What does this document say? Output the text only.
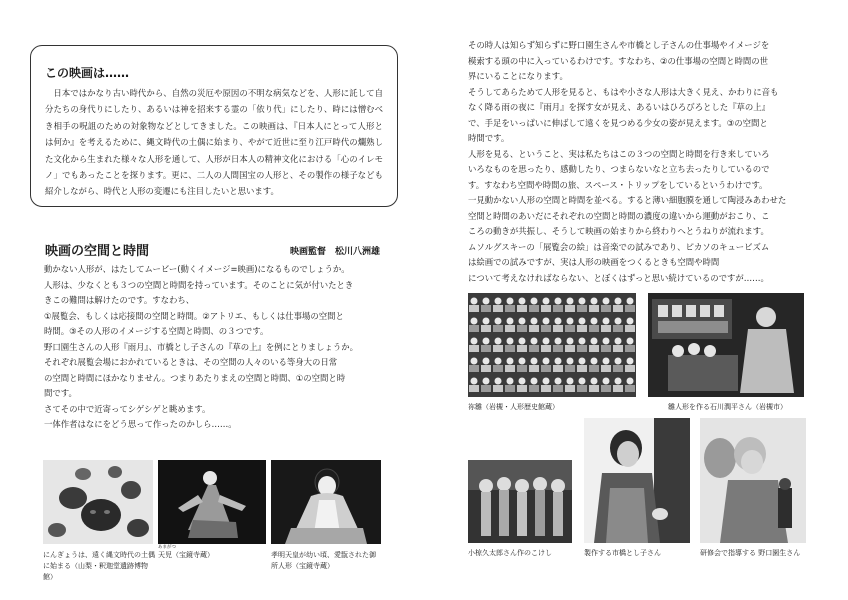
この映画は……

日本ではかなり古い時代から、自然の災厄や原因の不明な病気などを、人形に託して自分たちの身代りにしたり、あるいは神を招来する霊の「依り代」にしたり、時には憎むべき相手の呪詛のための対象物などとしてきました。この映画は、『日本人にとって人形とは何か』を考えるために、縄文時代の土偶に始まり、やがて近世に至り江戸時代の爛熟した文化から生まれた様々な人形を通して、人形が日本人の精神文化における「心のイレモノ」でもあったことを探ります。更に、二人の人間国宝の人形と、その製作の様子なども紹介しながら、時代と人形の変遷にも注目したいと思います。

映画の空間と時間	映画監督　松川八洲雄

動かない人形が、はたしてムービー(動くイメージ=映画)になるものでしょうか。

人形は、少なくとも３つの空間と時間を持っています。そのことに気が付いたとき

きこの難問は解けたのです。すなわち、

①展覧会、もしくは応接間の空間と時間。②アトリエ、もしくは仕事場の空間と

時間。③その人形のイメージする空間と時間、の３つです。

野口園生さんの人形『雨月』、市橋とし子さんの『草の上』を例にとりましょうか。

それぞれ展覧会場におかれているときは、その空間の人々のいる等身大の日常

の空間と時間にほかなりません。つまりあたりまえの空間と時間、①の空間と時

間です。

さてその中で近寄ってシゲシゲと眺めます。

一体作者はなにをどう思って作ったのかしら……。

にんぎょうは、遠く縄文時代の土偶
に始まる（山梨・釈迦堂遺跡博物館）
あまがつ
天児（宝鏡寺蔵）	孝明天皇が幼い頃、愛翫された御
所人形（宝鏡寺蔵）

その時人は知らず知らずに野口園生さんや市橋とし子さんの仕事場やイメージを

模索する頭の中に入っているわけです。すなわち、②の仕事場の空間と時間の世

界にいることになります。

そうしてあらためて人形を見ると、もはや小さな人形は大きく見え、かわりに音も

なく降る雨の夜に『雨月』を探す女が見え、あるいはひろびろとした『草の上』

で、手足をいっぱいに伸ばして遠くを見つめる少女の姿が見えます。③の空間と

時間です。

人形を見る、ということ、実は私たちはこの３つの空間と時間を行き来していろ

いろなものを思ったり、感動したり、つまらないなと立ち去ったりしているので

す。すなわち空間や時間の旅、スペース・トリップをしているというわけです。

一見動かない人形の空間と時間を並べる。すると薄い細胞膜を通して陶浸みあわせた

空間と時間のあいだにそれぞれの空間と時間の濃度の違いから運動がおこり、こ

ころの動きが共振し、そうして映画の始まりから終わりへとうねりが流れます。

ムソルグスキーの「展覧会の絵」は音楽での試みであり、ピカソのキュービズム

は絵画での試みですが、実は人形の映画をつくるときも空間や時間

について考えなければならない、とぼくはずっと思い続けているのですが……。

祢雛（岩槻・人形歴史館蔵）	雛人形を作る石川潤平さん（岩槻市）
小椋久太郎さん作のこけし	製作する市橋とし子さん	研修会で指導する 野口園生さん
